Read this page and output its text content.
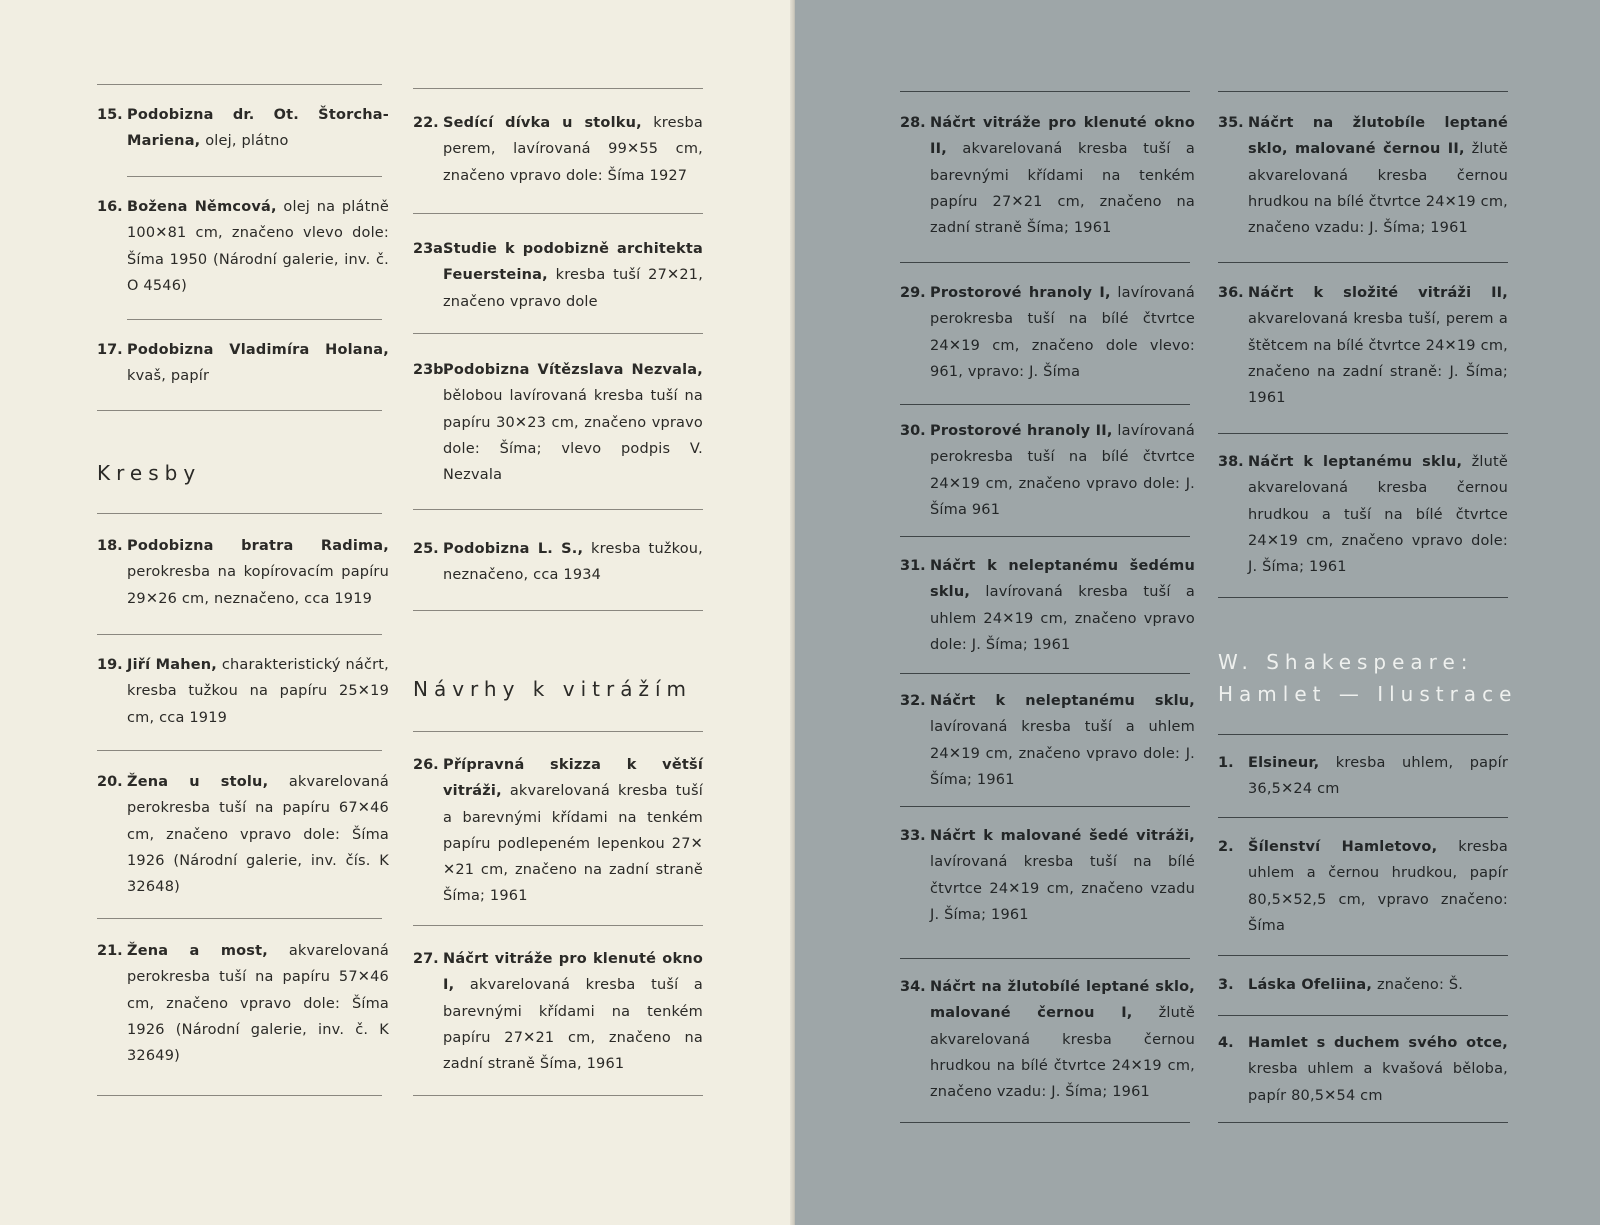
15. Podobizna dr. Ot. Štorcha-Mariena, olej, plátno
16. Božena Němcová, olej na plátně 100✕81 cm, značeno vlevo dole: Šíma 1950 (Národní galerie, inv. č. O 4546)
17. Podobizna Vladimíra Holana, kvaš, papír
Kresby
18. Podobizna bratra Radima, perokresba na kopírovacím papíru 29✕26 cm, neznačeno, cca 1919
19. Jiří Mahen, charakteristický náčrt, kresba tužkou na papíru 25✕19 cm, cca 1919
20. Žena u stolu, akvarelovaná perokresba tuší na papíru 67✕46 cm, značeno vpravo dole: Šíma 1926 (Národní galerie, inv. čís. K 32648)
21. Žena a most, akvarelovaná perokresba tuší na papíru 57✕46 cm, značeno vpravo dole: Šíma 1926 (Národní galerie, inv. č. K 32649)
22. Sedící dívka u stolku, kresba perem, lavírovaná 99✕55 cm, značeno vpravo dole: Šíma 1927
23a.
Studie k podobizně architekta Feuersteina, kresba tuší 27✕21, značeno vpravo dole
23b.
Podobizna Vítězslava Nezvala, bělobou lavírovaná kresba tuší na papíru 30✕23 cm, značeno vpravo dole: Šíma; vlevo podpis V. Nezvala
25. Podobizna L. S., kresba tužkou, neznačeno, cca 1934
Návrhy k vitrážím
26. Přípravná skizza k větší vitráži, akvarelovaná kresba tuší a barevnými křídami na tenkém papíru podlepeném lepenkou 27✕ ✕21 cm, značeno na zadní straně Šíma; 1961
27. Náčrt vitráže pro klenuté okno I, akvarelovaná kresba tuší a barevnými křídami na tenkém papíru 27✕21 cm, značeno na zadní straně Šíma, 1961
28. Náčrt vitráže pro klenuté okno II, akvarelovaná kresba tuší a barevnými křídami na tenkém papíru 27✕21 cm, značeno na zadní straně Šíma; 1961
29. Prostorové hranoly I, lavírovaná perokresba tuší na bílé čtvrtce 24✕19 cm, značeno dole vlevo: 961, vpravo: J. Šíma
30. Prostorové hranoly II, lavírovaná perokresba tuší na bílé čtvrtce 24✕19 cm, značeno vpravo dole: J. Šíma 961
31. Náčrt k neleptanému šedému sklu, lavírovaná kresba tuší a uhlem 24✕19 cm, značeno vpravo dole: J. Šíma; 1961
32. Náčrt k neleptanému sklu, lavírovaná kresba tuší a uhlem 24✕19 cm, značeno vpravo dole: J. Šíma; 1961
33. Náčrt k malované šedé vitráži, lavírovaná kresba tuší na bílé čtvrtce 24✕19 cm, značeno vzadu J. Šíma; 1961
34. Náčrt na žlutobílé leptané sklo, malované černou I, žlutě akvarelovaná kresba černou hrudkou na bílé čtvrtce 24✕19 cm, značeno vzadu: J. Šíma; 1961
35. Náčrt na žlutobíle leptané sklo, malované černou II, žlutě akvarelovaná kresba černou hrudkou na bílé čtvrtce 24✕19 cm, značeno vzadu: J. Šíma; 1961
36. Náčrt k složité vitráži II, akvarelovaná kresba tuší, perem a štětcem na bílé čtvrtce 24✕19 cm, značeno na zadní straně: J. Šíma; 1961
38. Náčrt k leptanému sklu, žlutě akvarelovaná kresba černou hrudkou a tuší na bílé čtvrtce 24✕19 cm, značeno vpravo dole: J. Šíma; 1961
W. Shakespeare:
Hamlet — Ilustrace
1. Elsineur, kresba uhlem, papír 36,5✕24 cm
2. Šílenství Hamletovo, kresba uhlem a černou hrudkou, papír 80,5✕52,5 cm, vpravo značeno: Šíma
3. Láska Ofeliina, značeno: Š.
4. Hamlet s duchem svého otce, kresba uhlem a kvašová běloba, papír 80,5✕54 cm
